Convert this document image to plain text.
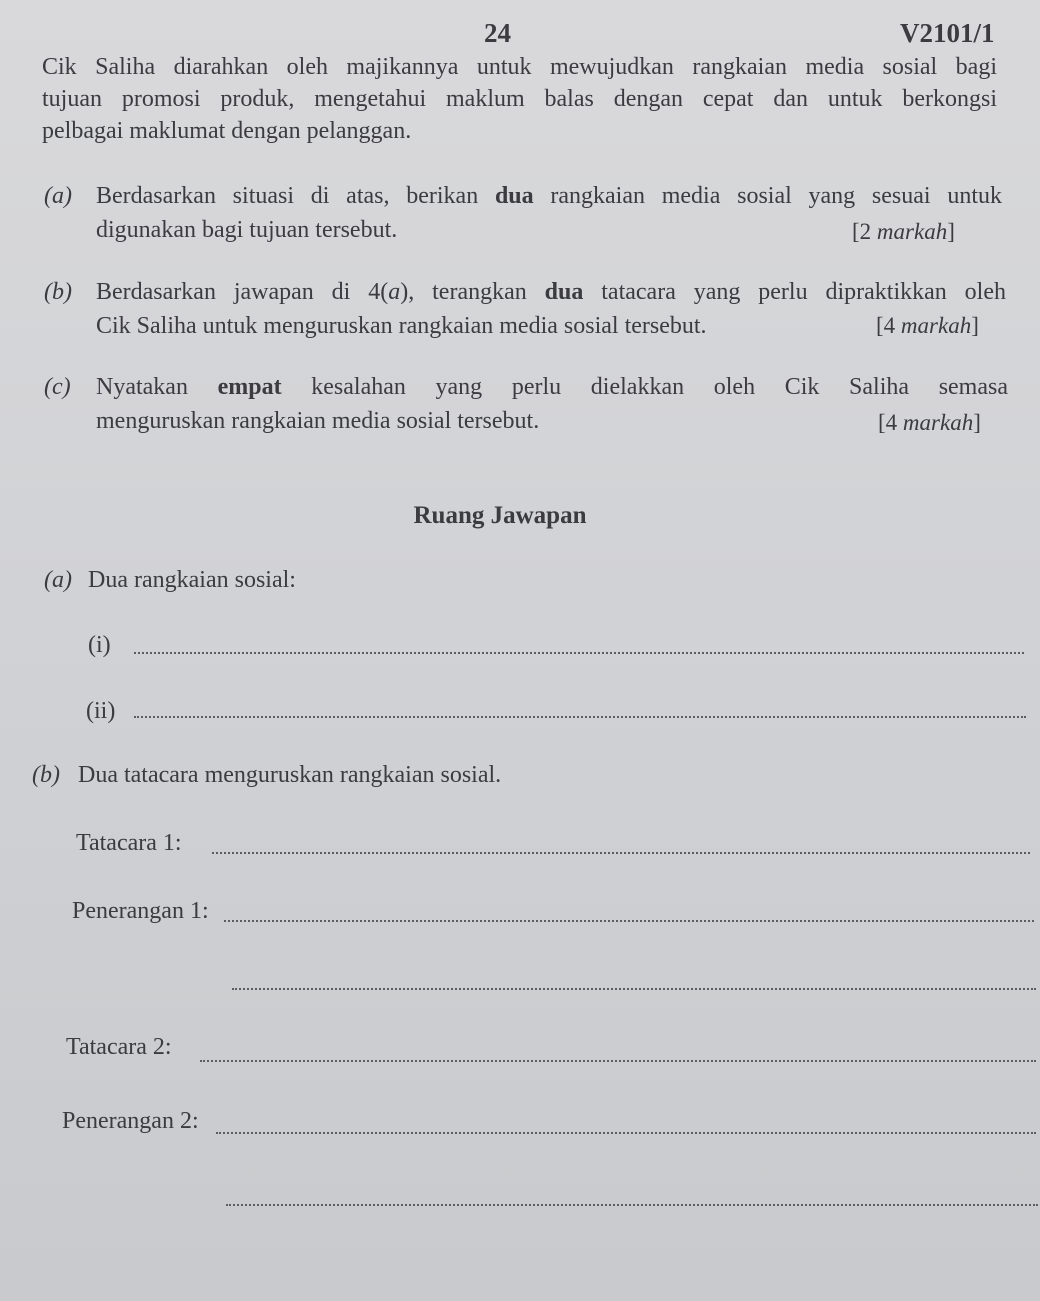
24	V2101/1
Cik Saliha diarahkan oleh majikannya untuk mewujudkan rangkaian media sosial bagi
tujuan promosi produk, mengetahui maklum balas dengan cepat dan untuk berkongsi
pelbagai maklumat dengan pelanggan.
(a) Berdasarkan situasi di atas, berikan dua rangkaian media sosial yang sesuai untuk
digunakan bagi tujuan tersebut.	[2 markah]
(b) Berdasarkan jawapan di 4(a), terangkan dua tatacara yang perlu dipraktikkan oleh
Cik Saliha untuk menguruskan rangkaian media sosial tersebut.	[4 markah]
(c) Nyatakan empat kesalahan yang perlu dielakkan oleh Cik Saliha semasa
menguruskan rangkaian media sosial tersebut.	[4 markah]
Ruang Jawapan
(a) Dua rangkaian sosial:
(i)
(ii)
(b) Dua tatacara menguruskan rangkaian sosial.
Tatacara 1:
Penerangan 1:
Tatacara 2:
Penerangan 2:
